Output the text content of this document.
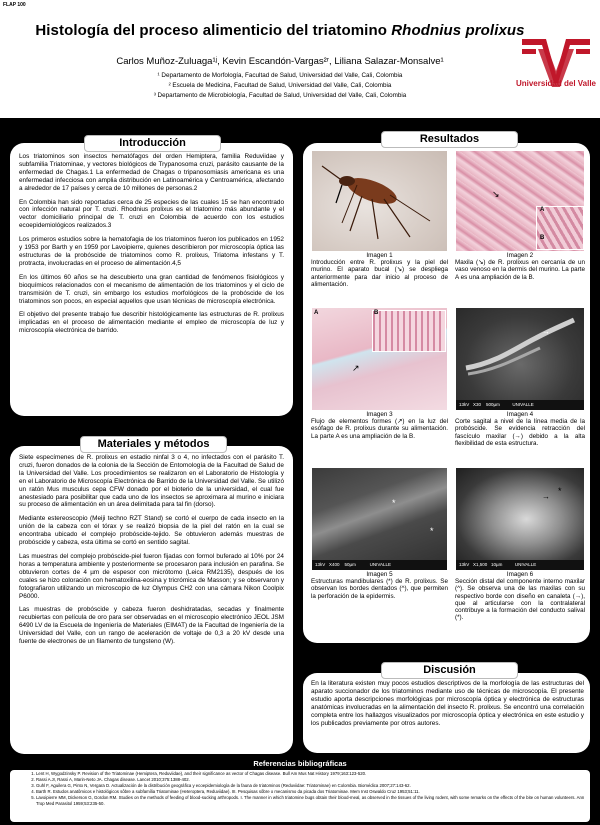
FLAP 100
Histología del proceso alimenticio del triatomino Rhodnius prolixus
Carlos Muñoz-Zuluaga¹ʲ, Kevin Escandón-Vargas²ʳ, Liliana Salazar-Monsalve¹
¹ Departamento de Morfología, Facultad de Salud, Universidad del Valle, Cali, Colombia
² Escuela de Medicina, Facultad de Salud, Universidad del Valle, Cali, Colombia
³ Departamento de Microbiología, Facultad de Salud, Universidad del Valle, Cali, Colombia
Universidad del Valle
Introducción

Los triatominos son insectos hematófagos del orden Hemiptera, familia Reduviidae y subfamilia Triatominae, y vectores biológicos de Trypanosoma cruzi, parásito causante de la enfermedad de Chagas.1 La enfermedad de Chagas o tripanosomiasis americana es una enfermedad infecciosa con amplia distribución en Latinoamérica y Centroamérica, afectando a alrededor de 17 países y cerca de 10 millones de personas.2

En Colombia han sido reportadas cerca de 25 especies de las cuales 15 se han encontrado con infección natural por T. cruzi. Rhodnius prolixus es el triatomino más abundante y el vector domiciliario principal de T. cruzi en Colombia de acuerdo con los estudios ecoepidemiológicos realizados.3

Los primeros estudios sobre la hematofagia de los triatominos fueron los publicados en 1952 y 1953 por Barth y en 1959 por Lavoipierre, quienes describieron por microscopía óptica las estructuras de la probóscide de triatominos como R. prolixus, Triatoma infestans y T. protracta, involucradas en el proceso de alimentación.4,5

En los últimos 60 años se ha descubierto una gran cantidad de fenómenos fisiológicos y bioquímicos relacionados con el mecanismo de alimentación de los triatominos y el ciclo de transmisión de T. cruzi, sin embargo los estudios morfológicos de la probóscide de los triatominos son pocos, en especial aquellos que usan técnicas de microscopía electrónica.

El objetivo del presente trabajo fue describir histológicamente las estructuras de R. prolixus implicadas en el proceso de alimentación mediante el empleo de microscopía de luz y microscopía electrónica de barrido.

Materiales y métodos

Siete especímenes de R. prolixus en estadio ninfal 3 o 4, no infectados con el parásito T. cruzi, fueron donados de la colonia de la Sección de Entomología de la Facultad de Salud de la Universidad del Valle. Los procedimientos se realizaron en el Laboratorio de Histología y en el Laboratorio de Microscopía Electrónica de Barrido de la Universidad del Valle. Se utilizó un ratón Mus musculus cepa CFW donado por el bioterio de la universidad, el cual fue anestesiado para posibilitar que cada uno de los insectos se aproximara al murino e iniciara su proceso de alimentación en un área delimitada para tal fin (dorso).

Mediante estereoscopio (Meiji techno RZT Stand) se cortó el cuerpo de cada insecto en la unión de la cabeza con el tórax y se realizó biopsia de la piel del ratón en la cual se encontraba ubicado el complejo probóscide-tejido. Se obtuvieron además muestras de probóscide y cabeza, esta última se cortó en sentido sagital.

Las muestras del complejo probóscide-piel fueron fijadas con formol buferado al 10% por 24 horas a temperatura ambiente y posteriormente se procesaron para inclusión en parafina. Se obtuvieron cortes de 4 µm de espesor con micrótomo (Leica RM2135), después de los cuales se hizo coloración con hematoxilina-eosina y tricrómica de Masson; y se observaron y fotografiaron utilizando un microscopio de luz Olympus CH2 con una cámara Nikon Coolpix P6000.

Las muestras de probóscide y cabeza fueron deshidratadas, secadas y finalmente recubiertas con película de oro para ser observadas en el microscopio electrónico JEOL JSM 6490 LV de la Escuela de Ingeniería de Materiales (EIMAT) de la Facultad de Ingeniería de la Universidad del Valle, con un rango de aceleración de voltaje de 0,3 a 20 kV desde una fuente de electrones de un filamento de tungsteno (W).

Resultados
Imagen 1
Introducción entre R. prolixus y la piel del murino. El aparato bucal (↘) se despliega anteriormente para dar inicio al proceso de alimentación.
A
B
↘
Imagen 2
Maxila (↘) de R. prolixus en cercanía de un vaso venoso en la dermis del murino. La parte A es una ampliación de la B.
A	B
↗
Imagen 3
Flujo de elementos formes (↗) en la luz del esófago de R. prolixus durante su alimentación. La parte A es una ampliación de la B.
→
13kV   X30    500µm          UNIVALLE
Imagen 4
Corte sagital a nivel de la línea media de la probóscide. Se evidencia retracción del fascículo maxilar (→) debido a la alta flexibilidad de esta estructura.
*
*
13kV   X400    50µm           UNIVALLE
Imagen 5
Estructuras mandibulares (*) de R. prolixus. Se observan los bordes dentados (^), que permiten la perforación de la epidermis.
*
→
13kV   X1,500   10µm          UNIVALLE
Imagen 6
Sección distal del componente interno maxilar (^). Se observa una de las maxilas con su respectivo borde con diseño en canaleta (→), que al articularse con la contralateral contribuye a la formación del conducto salival (*).
Discusión
En la literatura existen muy pocos estudios descriptivos de la morfología de las estructuras del aparato succionador de los triatominos mediante uso de técnicas de microscopía. El presente estudio aporta descripciones morfológicas por microscopía óptica y electrónica de estructuras anatómicas involucradas en la alimentación del insecto R. prolixus. Se encontró una correlación completa entre los hallazgos visualizados por microscopía óptica y electrónica en este estudio y los publicados previamente por otros autores.
Referencias bibliográficas
1. Lent H, Wygodzinsky P. Revision of the Triatominae (Hemiptera, Reduviidae), and their significance as vector of Chagas disease. Bull Am Mus Nat History 1979;163:123-520.
2. Rassi A Jr, Rassi A, Marin-Neto JA. Chagas disease. Lancet 2010;375:1388-402.
3. Guhl F, Aguilera G, Pinto N, Vergara D. Actualización de la distribución geográfica y ecoepidemiología de la fauna de triatominos (Reduviidae: Triatominae) en Colombia. Biomédica 2007;27:143-62.
4. Barth R. Estudos anatômicos e histológicos sôbre a subfamília Triatominae (Heteroptera, Reduviidae). III. Pesquisas sôbre o mecanismo da picada dos Triatominae. Mem Inst Oswaldo Cruz 1953;51:11.
5. Lavoipierre MM, Dickerson G, Gordon RM. Studies on the methods of feeding of blood-sucking arthropods. I. The manner in which triatomine bugs obtain their blood-meal, as observed in the tissues of the living rodent, with some remarks on the effects of the bite on human volunteers. Ann Trop Med Parasitol 1959;53:235-50.
